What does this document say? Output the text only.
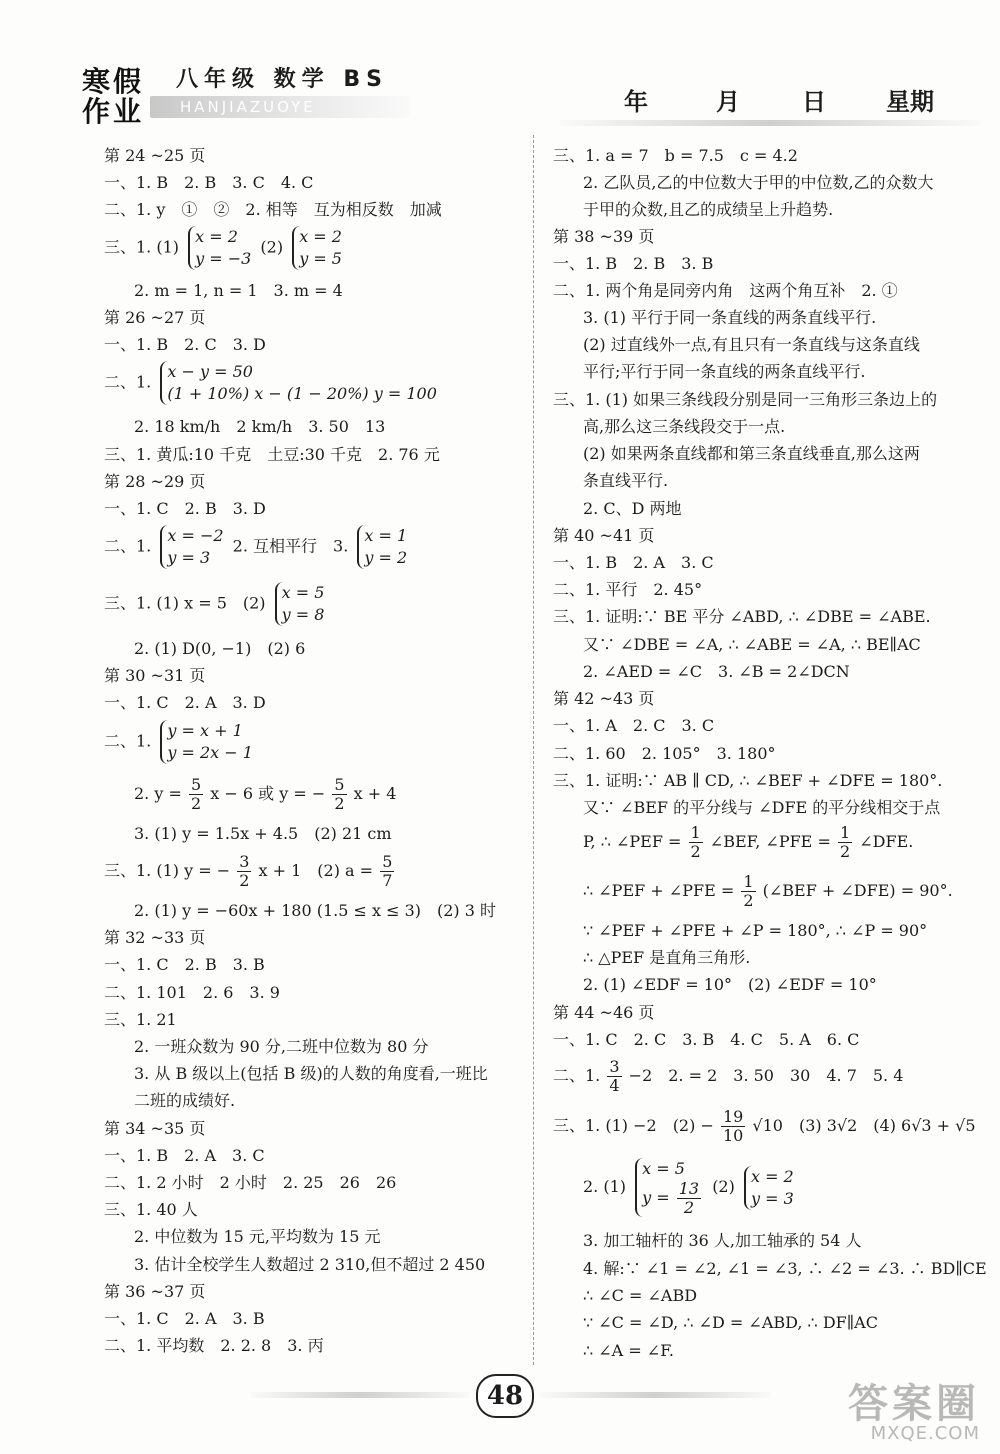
寒假
作业
八年级 数学 BS
HANJIAZUOYE	年	月	日	星期
第 24 ~25 页
一、1. B　2. B　3. C　4. C
二、1. y　①　②　2. 相等　互为相反数　加减
三、1. (1)
x = 2
y = −3
(2)
x = 2
y = 5
2. m = 1, n = 1　3. m = 4
第 26 ~27 页
一、1. B　2. C　3. D
二、1.
x − y = 50
(1 + 10%) x − (1 − 20%) y = 100
2. 18 km/h　2 km/h　3. 50　13
三、1. 黄瓜:10 千克　土豆:30 千克　2. 76 元
第 28 ~29 页
一、1. C　2. B　3. D
二、1.
x = −2
y = 3
2. 互相平行　3.
x = 1
y = 2
三、1. (1) x = 5　(2)
x = 5
y = 8
2. (1) D(0, −1)　(2) 6
第 30 ~31 页
一、1. C　2. A　3. D
二、1.
y = x + 1
y = 2x − 1
2. $y = \frac{5}{2}$ x − 6 或 y = − $\frac{5}{2}$ x + 4
3. (1) y = 1.5x + 4.5　(2) 21 cm
三、1. (1) y = − $\frac{3}{2}$ x + 1　(2) $a = \frac{5}{7}$
2. (1) y = −60x + 180 (1.5 ≤ x ≤ 3)　(2) 3 时
第 32 ~33 页
一、1. C　2. B　3. B
二、1. 101　2. 6　3. 9
三、1. 21
2. 一班众数为 90 分,二班中位数为 80 分
3. 从 B 级以上(包括 B 级)的人数的角度看,一班比
二班的成绩好.
第 34 ~35 页
一、1. B　2. A　3. C
二、1. 2 小时　2 小时　2. 25　26　26
三、1. 40 人
2. 中位数为 15 元,平均数为 15 元
3. 估计全校学生人数超过 2 310,但不超过 2 450
第 36 ~37 页
一、1. C　2. A　3. B
二、1. 平均数　2. 2. 8　3. 丙
三、1. a = 7　b = 7.5　c = 4.2
2. 乙队员,乙的中位数大于甲的中位数,乙的众数大
于甲的众数,且乙的成绩呈上升趋势.
第 38 ~39 页
一、1. B　2. B　3. B
二、1. 两个角是同旁内角　这两个角互补　2. ①
3. (1) 平行于同一条直线的两条直线平行.
(2) 过直线外一点,有且只有一条直线与这条直线
平行;平行于同一条直线的两条直线平行.
三、1. (1) 如果三条线段分别是同一三角形三条边上的
高,那么这三条线段交于一点.
(2) 如果两条直线都和第三条直线垂直,那么这两
条直线平行.
2. C、D 两地
第 40 ~41 页
一、1. B　2. A　3. C
二、1. 平行　2. 45°
三、1. 证明:∵ BE 平分 ∠ABD, ∴ ∠DBE = ∠ABE.
又∵ ∠DBE = ∠A, ∴ ∠ABE = ∠A, ∴ BE∥AC
2. ∠AED = ∠C　3. ∠B = 2∠DCN
第 42 ~43 页
一、1. A　2. C　3. C
二、1. 60　2. 105°　3. 180°
三、1. 证明:∵ AB ∥ CD, ∴ ∠BEF + ∠DFE = 180°.
又∵ ∠BEF 的平分线与 ∠DFE 的平分线相交于点
P, ∴ ∠PEF = $\frac{1}{2}$ ∠BEF, ∠PFE = $\frac{1}{2}$ ∠DFE.
∴ ∠PEF + ∠PFE = $\frac{1}{2}$ (∠BEF + ∠DFE) = 90°.
∵ ∠PEF + ∠PFE + ∠P = 180°, ∴ ∠P = 90°
∴ △PEF 是直角三角形.
2. (1) ∠EDF = 10°　(2) ∠EDF = 10°
第 44 ~46 页
一、1. C　2. C　3. B　4. C　5. A　6. C
二、1. $\frac{3}{4} -2$　2. = 2　3. 50　30　4. 7　5. 4
三、1. (1) −2　$(2) - \frac{19}{10} √10$　(3) 3√2　(4) 6√3 + √5
2. (1)
x = 5
$y = \frac{13}{2} (2)$
x = 2
y = 3
3. 加工轴杆的 36 人,加工轴承的 54 人
4. 解:∵ ∠1 = ∠2, ∠1 = ∠3, ∴ ∠2 = ∠3. ∴ BD∥CE
∴ ∠C = ∠ABD
∵ ∠C = ∠D, ∴ ∠D = ∠ABD, ∴ DF∥AC
∴ ∠A = ∠F.
48	答案圈
MXQE.COM
